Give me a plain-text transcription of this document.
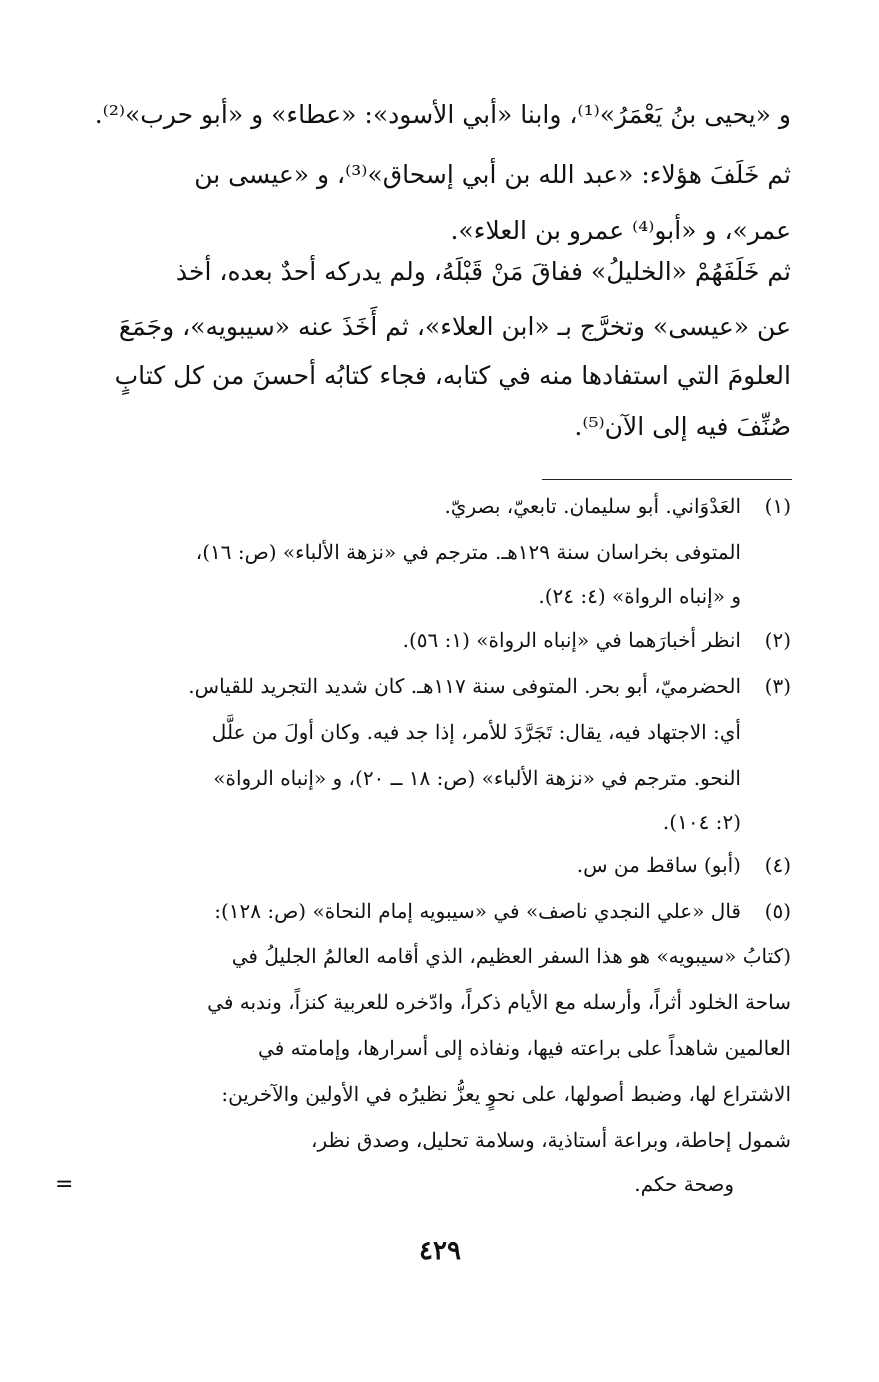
و «يحيى بنُ يَعْمَرُ»⁽¹⁾، وابنا «أبي الأسود»: «عطاء» و «أبو حرب»⁽²⁾.
ثم خَلَفَ هؤلاء: «عبد الله بن أبي إسحاق»⁽³⁾، و «عيسى بن
عمر»، و «أبو⁽⁴⁾ عمرو بن العلاء».
ثم خَلَفَهُمْ «الخليلُ» ففاقَ مَنْ قَبْلَهُ، ولم يدركه أحدٌ بعده، أخذ
عن «عيسى» وتخرَّج بـ «ابن العلاء»، ثم أَخَذَ عنه «سيبويه»، وجَمَعَ
العلومَ التي استفادها منه في كتابه، فجاء كتابُه أحسنَ من كل كتابٍ
صُنِّفَ فيه إلى الآن⁽⁵⁾.
(١)
العَدْوَاني. أبو سليمان. تابعيّ، بصريّ.
المتوفى بخراسان سنة ١٢٩هـ. مترجم في «نزهة الألباء» (ص: ١٦)،
و «إنباه الرواة» (٤: ٢٤).
(٢)
انظر أخبارَهما في «إنباه الرواة» (١: ٥٦).
(٣)
الحضرميّ، أبو بحر. المتوفى سنة ١١٧هـ. كان شديد التجريد للقياس.
أي: الاجتهاد فيه، يقال: تَجَرَّدَ للأمر، إذا جد فيه. وكان أولَ من علَّل
النحو. مترجم في «نزهة الألباء» (ص: ١٨ ــ ٢٠)، و «إنباه الرواة»
(٢: ١٠٤).
(٤)
(أبو) ساقط من س.
(٥)
قال «علي النجدي ناصف» في «سيبويه إمام النحاة» (ص: ١٢٨):
(كتابُ «سيبويه» هو هذا السفر العظيم، الذي أقامه العالمُ الجليلُ في
ساحة الخلود أثراً، وأرسله مع الأيام ذكراً، وادّخره للعربية كنزاً، وندبه في
العالمين شاهداً على براعته فيها، ونفاذه إلى أسرارها، وإمامته في
الاشتراع لها، وضبط أصولها، على نحوٍ يعزُّ نظيرُه في الأولين والآخرين:
شمول إحاطة، وبراعة أستاذية، وسلامة تحليل، وصدق نظر،
وصحة حكم.
=
٤٢٩
